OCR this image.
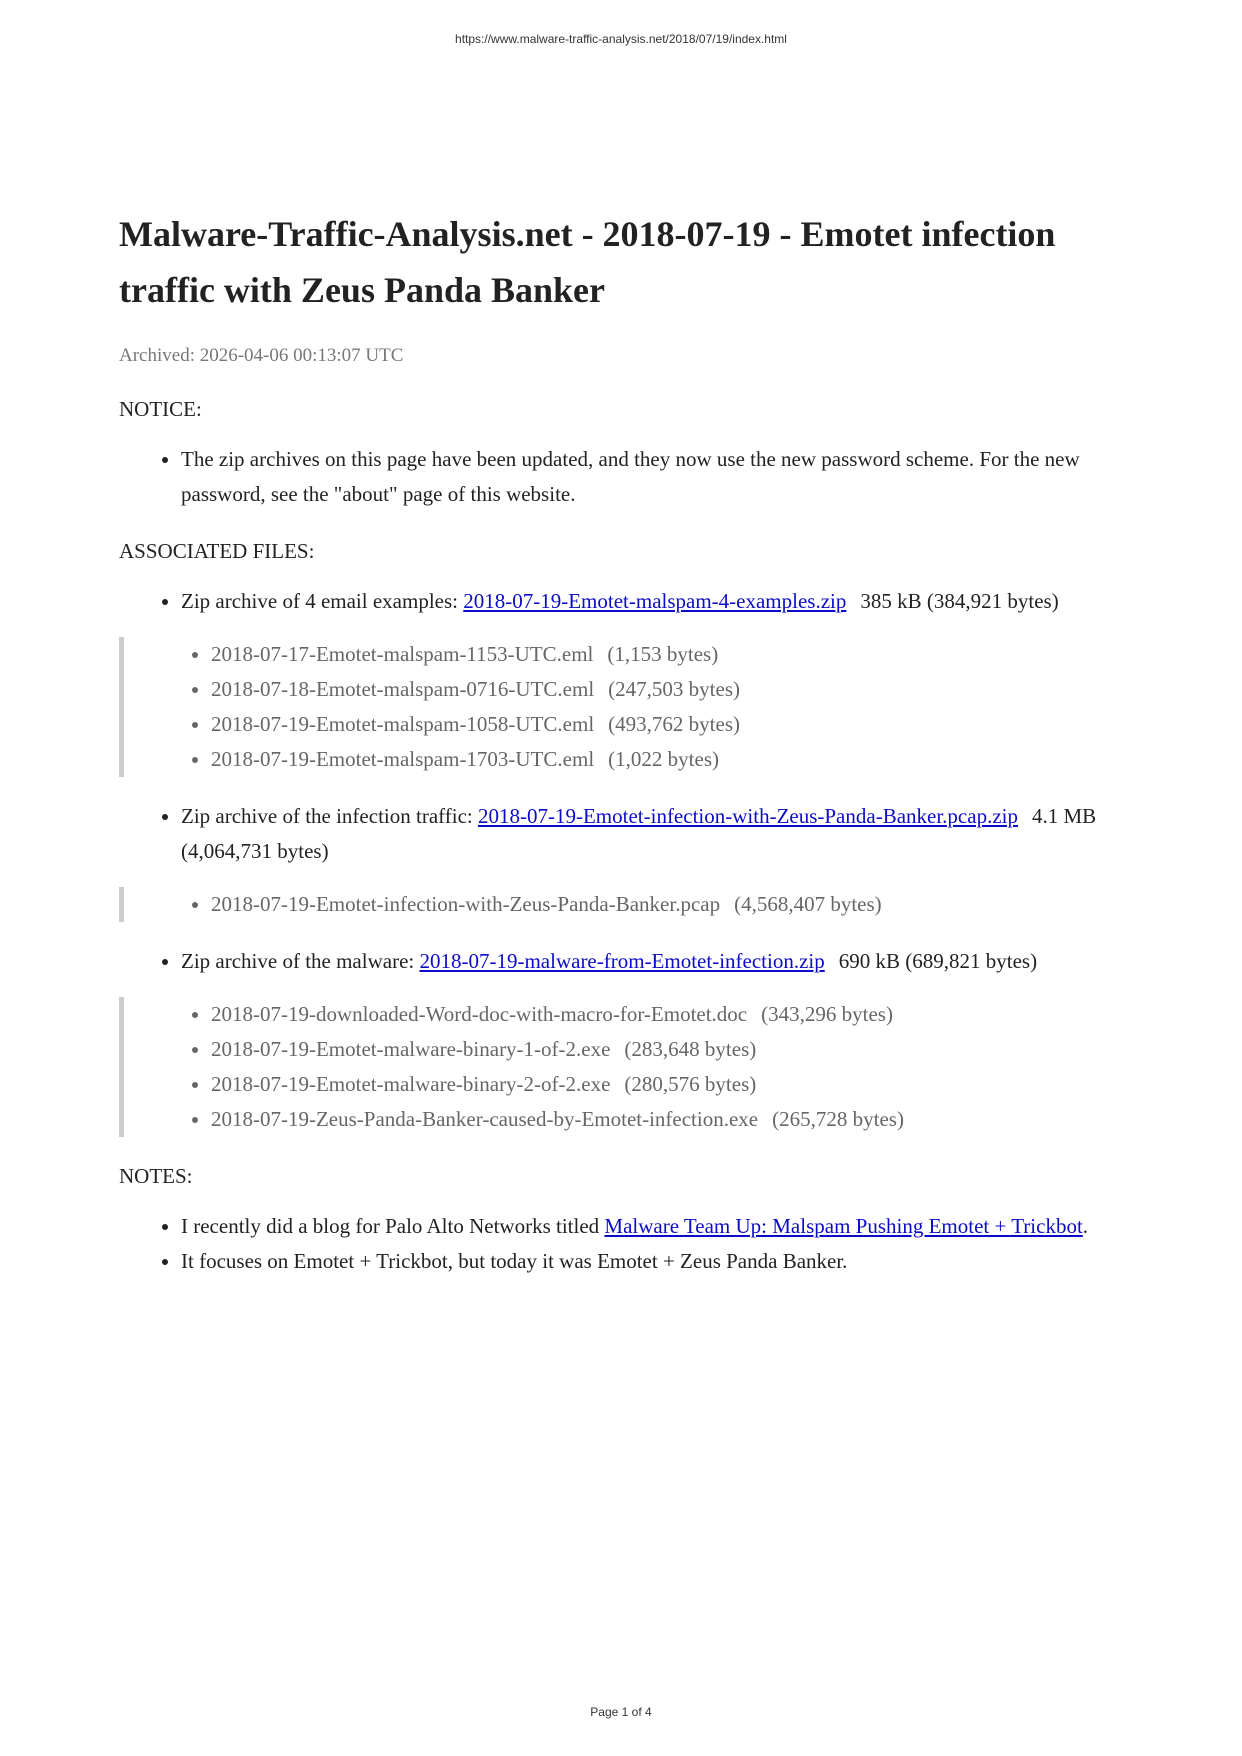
https://www.malware-traffic-analysis.net/2018/07/19/index.html
Malware-Traffic-Analysis.net - 2018-07-19 - Emotet infection traffic with Zeus Panda Banker
Archived: 2026-04-06 00:13:07 UTC
NOTICE:
• The zip archives on this page have been updated, and they now use the new password scheme. For the new password, see the "about" page of this website.
ASSOCIATED FILES:
• Zip archive of 4 email examples: 2018-07-19-Emotet-malspam-4-examples.zip 385 kB (384,921 bytes)
• 2018-07-17-Emotet-malspam-1153-UTC.eml (1,153 bytes)
• 2018-07-18-Emotet-malspam-0716-UTC.eml (247,503 bytes)
• 2018-07-19-Emotet-malspam-1058-UTC.eml (493,762 bytes)
• 2018-07-19-Emotet-malspam-1703-UTC.eml (1,022 bytes)
• Zip archive of the infection traffic: 2018-07-19-Emotet-infection-with-Zeus-Panda-Banker.pcap.zip 4.1 MB (4,064,731 bytes)
• 2018-07-19-Emotet-infection-with-Zeus-Panda-Banker.pcap (4,568,407 bytes)
• Zip archive of the malware: 2018-07-19-malware-from-Emotet-infection.zip 690 kB (689,821 bytes)
• 2018-07-19-downloaded-Word-doc-with-macro-for-Emotet.doc (343,296 bytes)
• 2018-07-19-Emotet-malware-binary-1-of-2.exe (283,648 bytes)
• 2018-07-19-Emotet-malware-binary-2-of-2.exe (280,576 bytes)
• 2018-07-19-Zeus-Panda-Banker-caused-by-Emotet-infection.exe (265,728 bytes)
NOTES:
• I recently did a blog for Palo Alto Networks titled Malware Team Up: Malspam Pushing Emotet + Trickbot.
• It focuses on Emotet + Trickbot, but today it was Emotet + Zeus Panda Banker.
Page 1 of 4
